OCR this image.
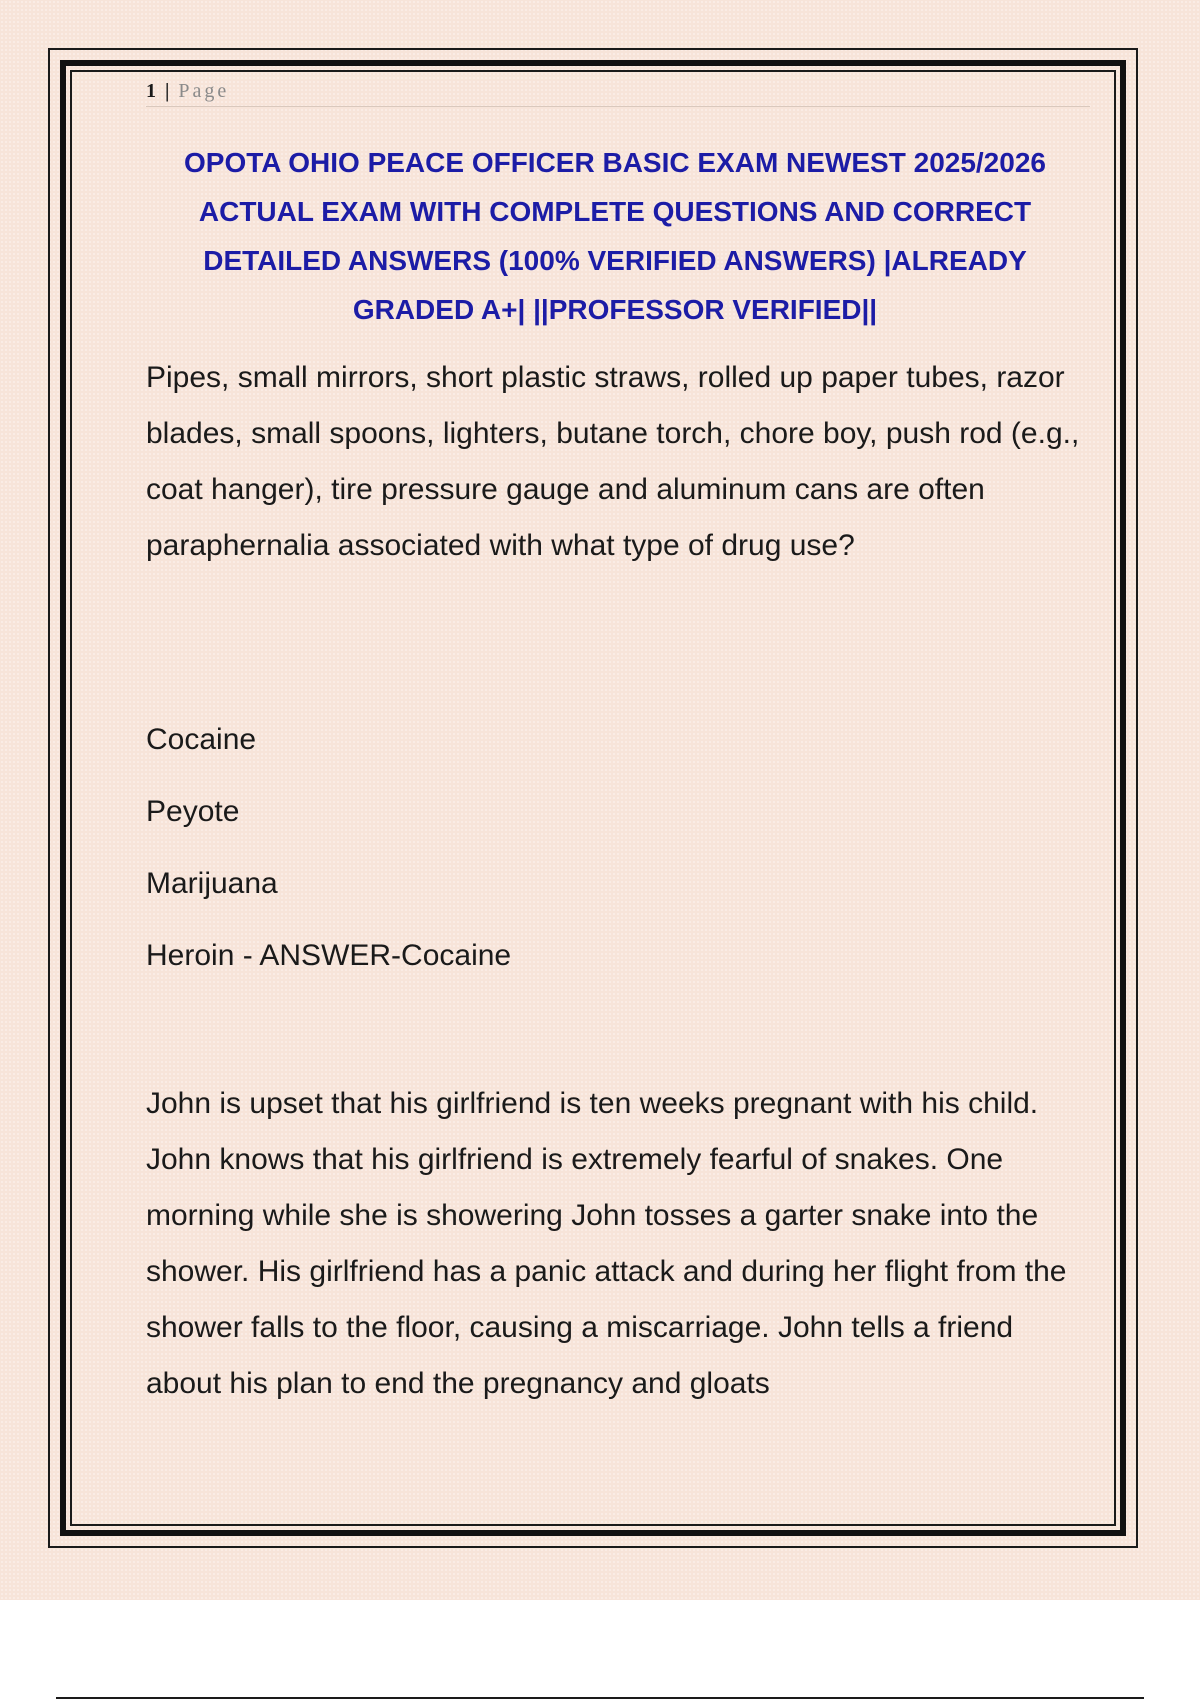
1 | Page
OPOTA OHIO PEACE OFFICER BASIC EXAM NEWEST 2025/2026 ACTUAL EXAM WITH COMPLETE QUESTIONS AND CORRECT DETAILED ANSWERS (100% VERIFIED ANSWERS) |ALREADY GRADED A+| ||PROFESSOR VERIFIED||
Pipes, small mirrors, short plastic straws, rolled up paper tubes, razor blades, small spoons, lighters, butane torch, chore boy, push rod (e.g., coat hanger), tire pressure gauge and aluminum cans are often paraphernalia associated with what type of drug use?
Cocaine
Peyote
Marijuana
Heroin - ANSWER-Cocaine
John is upset that his girlfriend is ten weeks pregnant with his child. John knows that his girlfriend is extremely fearful of snakes. One morning while she is showering John tosses a garter snake into the shower. His girlfriend has a panic attack and during her flight from the shower falls to the floor, causing a miscarriage. John tells a friend about his plan to end the pregnancy and gloats
